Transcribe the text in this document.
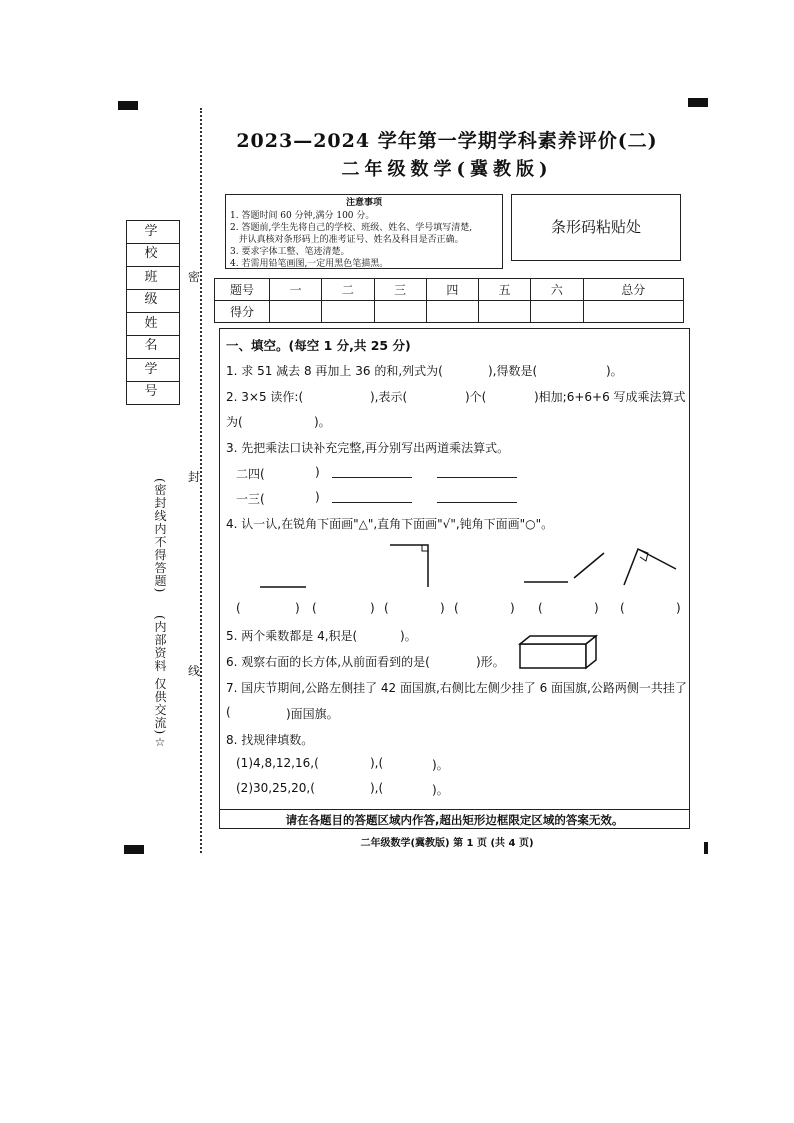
密
封
线
学校
班级
姓名
学号
(密封线内不得答题)
(内部资料 仅供交流)☆
2023—2024 学年第一学期学科素养评价(二)
二年级数学(冀教版)
注意事项
1. 答题时间 60 分钟,满分 100 分。
2. 答题前,学生先将自己的学校、班级、姓名、学号填写清楚,
并认真核对条形码上的准考证号、姓名及科目是否正确。
3. 要求字体工整、笔迹清楚。
4. 若需用铅笔画图,一定用黑色笔描黑。
条形码粘贴处
题号	一	二	三	四	五	六	总分
得分							
一、填空。(每空 1 分,共 25 分)
1. 求 51 减去 8 再加上 36 的和,列式为(	),得数是(	)。
2. 3×5 读作:(	),表示(	)个(	)相加;6+6+6 写成乘法算式
为(	)。
3. 先把乘法口诀补充完整,再分别写出两道乘法算式。
二四(	)
一三(	)
4. 认一认,在锐角下面画"△",直角下面画"√",钝角下面画"○"。
(	) (	) (	) (	) (	) (	)
5. 两个乘数都是 4,积是(	)。
6. 观察右面的长方体,从前面看到的是(	)形。
7. 国庆节期间,公路左侧挂了 42 面国旗,右侧比左侧少挂了 6 面国旗,公路两侧一共挂了
(	)面国旗。
8. 找规律填数。
(1)4,8,12,16,(	),(	)。
(2)30,25,20,(	),(	)。
请在各题目的答题区域内作答,超出矩形边框限定区域的答案无效。
二年级数学(冀教版) 第 1 页 (共 4 页)
